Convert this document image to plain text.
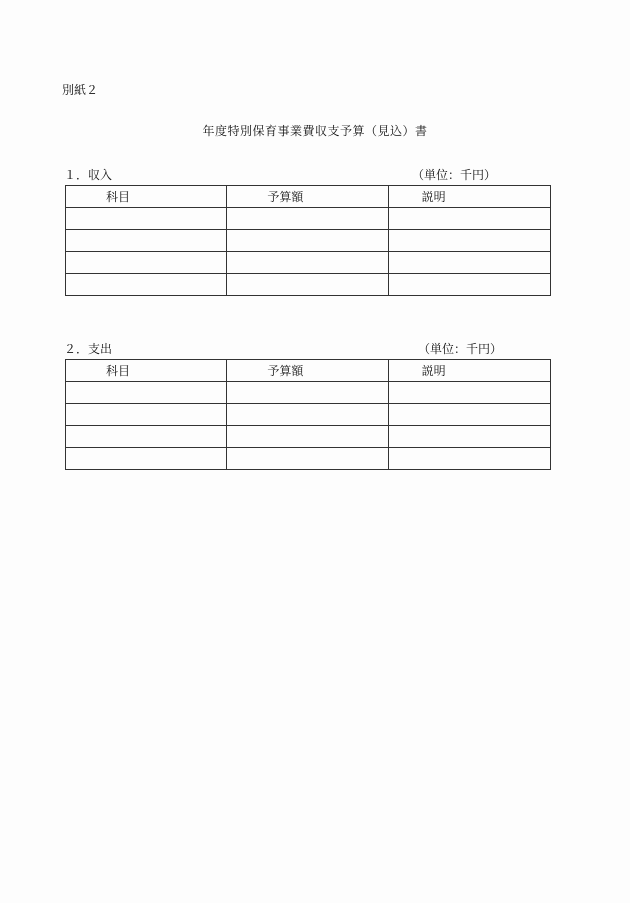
別紙２
年度特別保育事業費収支予算（見込）書
１．収入	（単位：千円）
科目	予算額	説明

２．支出	（単位：千円）
科目	予算額	説明
